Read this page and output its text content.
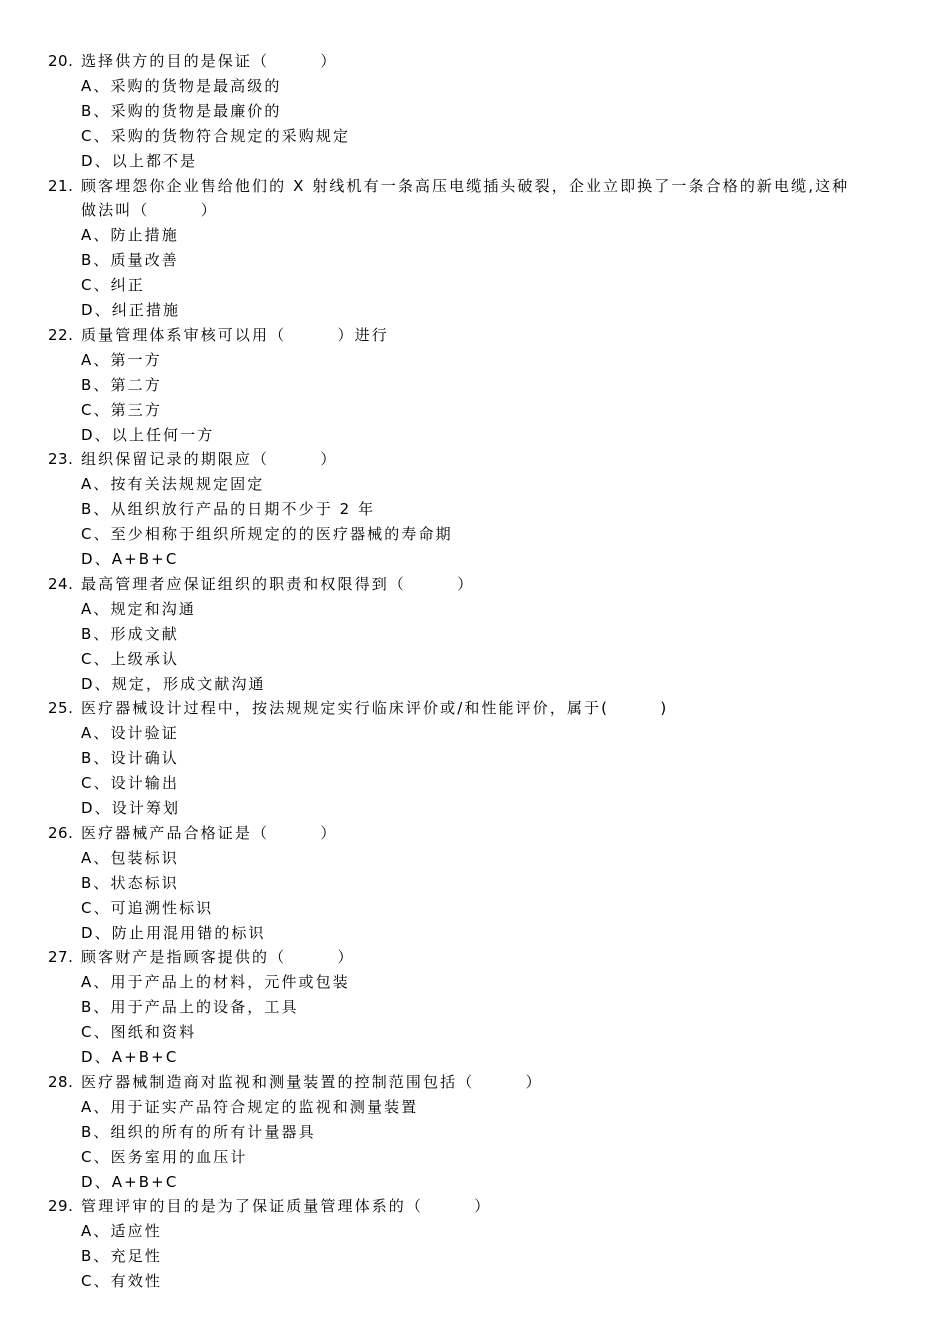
20. 选择供方的目的是保证（　　　）
A、采购的货物是最高级的
B、采购的货物是最廉价的
C、采购的货物符合规定的采购规定
D、以上都不是
21. 顾客埋怨你企业售给他们的 X 射线机有一条高压电缆插头破裂，企业立即换了一条合格的新电缆,这种
做法叫（　　　）
A、防止措施
B、质量改善
C、纠正
D、纠正措施
22. 质量管理体系审核可以用（　　　）进行
A、第一方
B、第二方
C、第三方
D、以上任何一方
23. 组织保留记录的期限应（　　　）
A、按有关法规规定固定
B、从组织放行产品的日期不少于 2 年
C、至少相称于组织所规定的的医疗器械的寿命期
D、A+B+C
24. 最高管理者应保证组织的职责和权限得到（　　　）
A、规定和沟通
B、形成文献
C、上级承认
D、规定，形成文献沟通
25. 医疗器械设计过程中，按法规规定实行临床评价或/和性能评价，属于(　　　)
A、设计验证
B、设计确认
C、设计输出
D、设计筹划
26. 医疗器械产品合格证是（　　　）
A、包装标识
B、状态标识
C、可追溯性标识
D、防止用混用错的标识
27. 顾客财产是指顾客提供的（　　　）
A、用于产品上的材料，元件或包装
B、用于产品上的设备，工具
C、图纸和资料
D、A+B+C
28. 医疗器械制造商对监视和测量装置的控制范围包括（　　　）
A、用于证实产品符合规定的监视和测量装置
B、组织的所有的所有计量器具
C、医务室用的血压计
D、A+B+C
29. 管理评审的目的是为了保证质量管理体系的（　　　）
A、适应性
B、充足性
C、有效性
